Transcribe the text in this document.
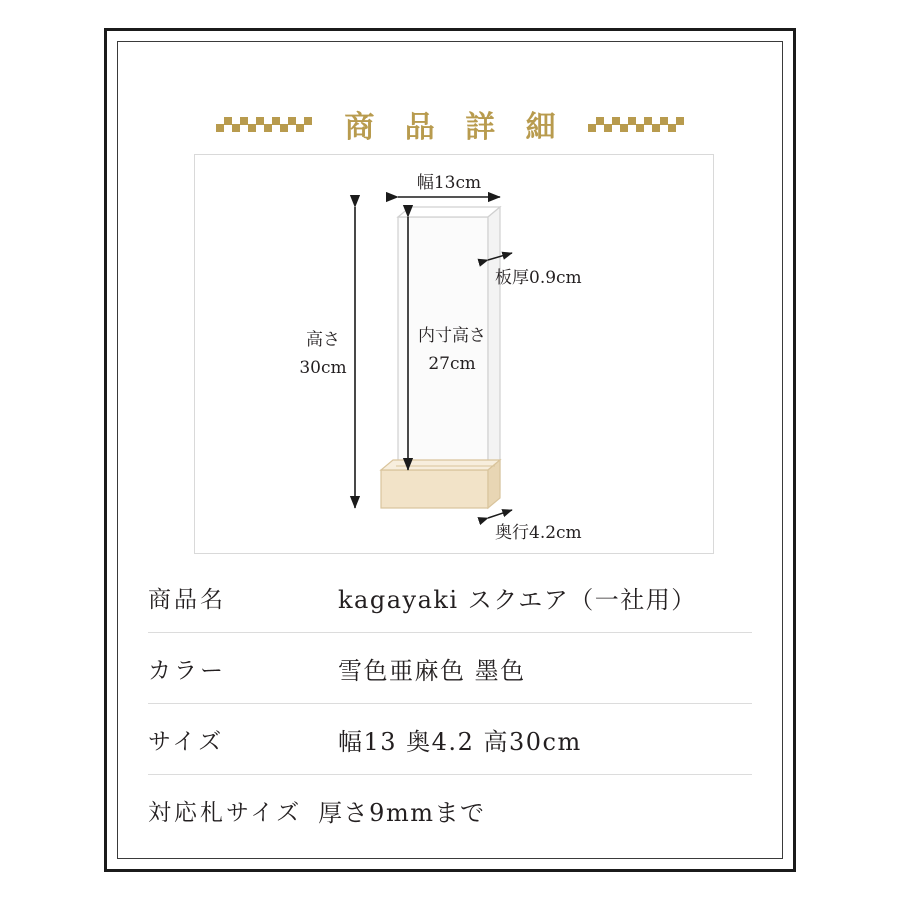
商 品 詳 細
幅13cm
板厚0.9cm
内寸高さ
27cm
高さ
30cm
奥行4.2cm
商品名	kagayaki スクエア（一社用）
カラー	雪色亜麻色 墨色
サイズ	幅13 奥4.2 高30cm
対応札サイズ 厚さ9mmまで
